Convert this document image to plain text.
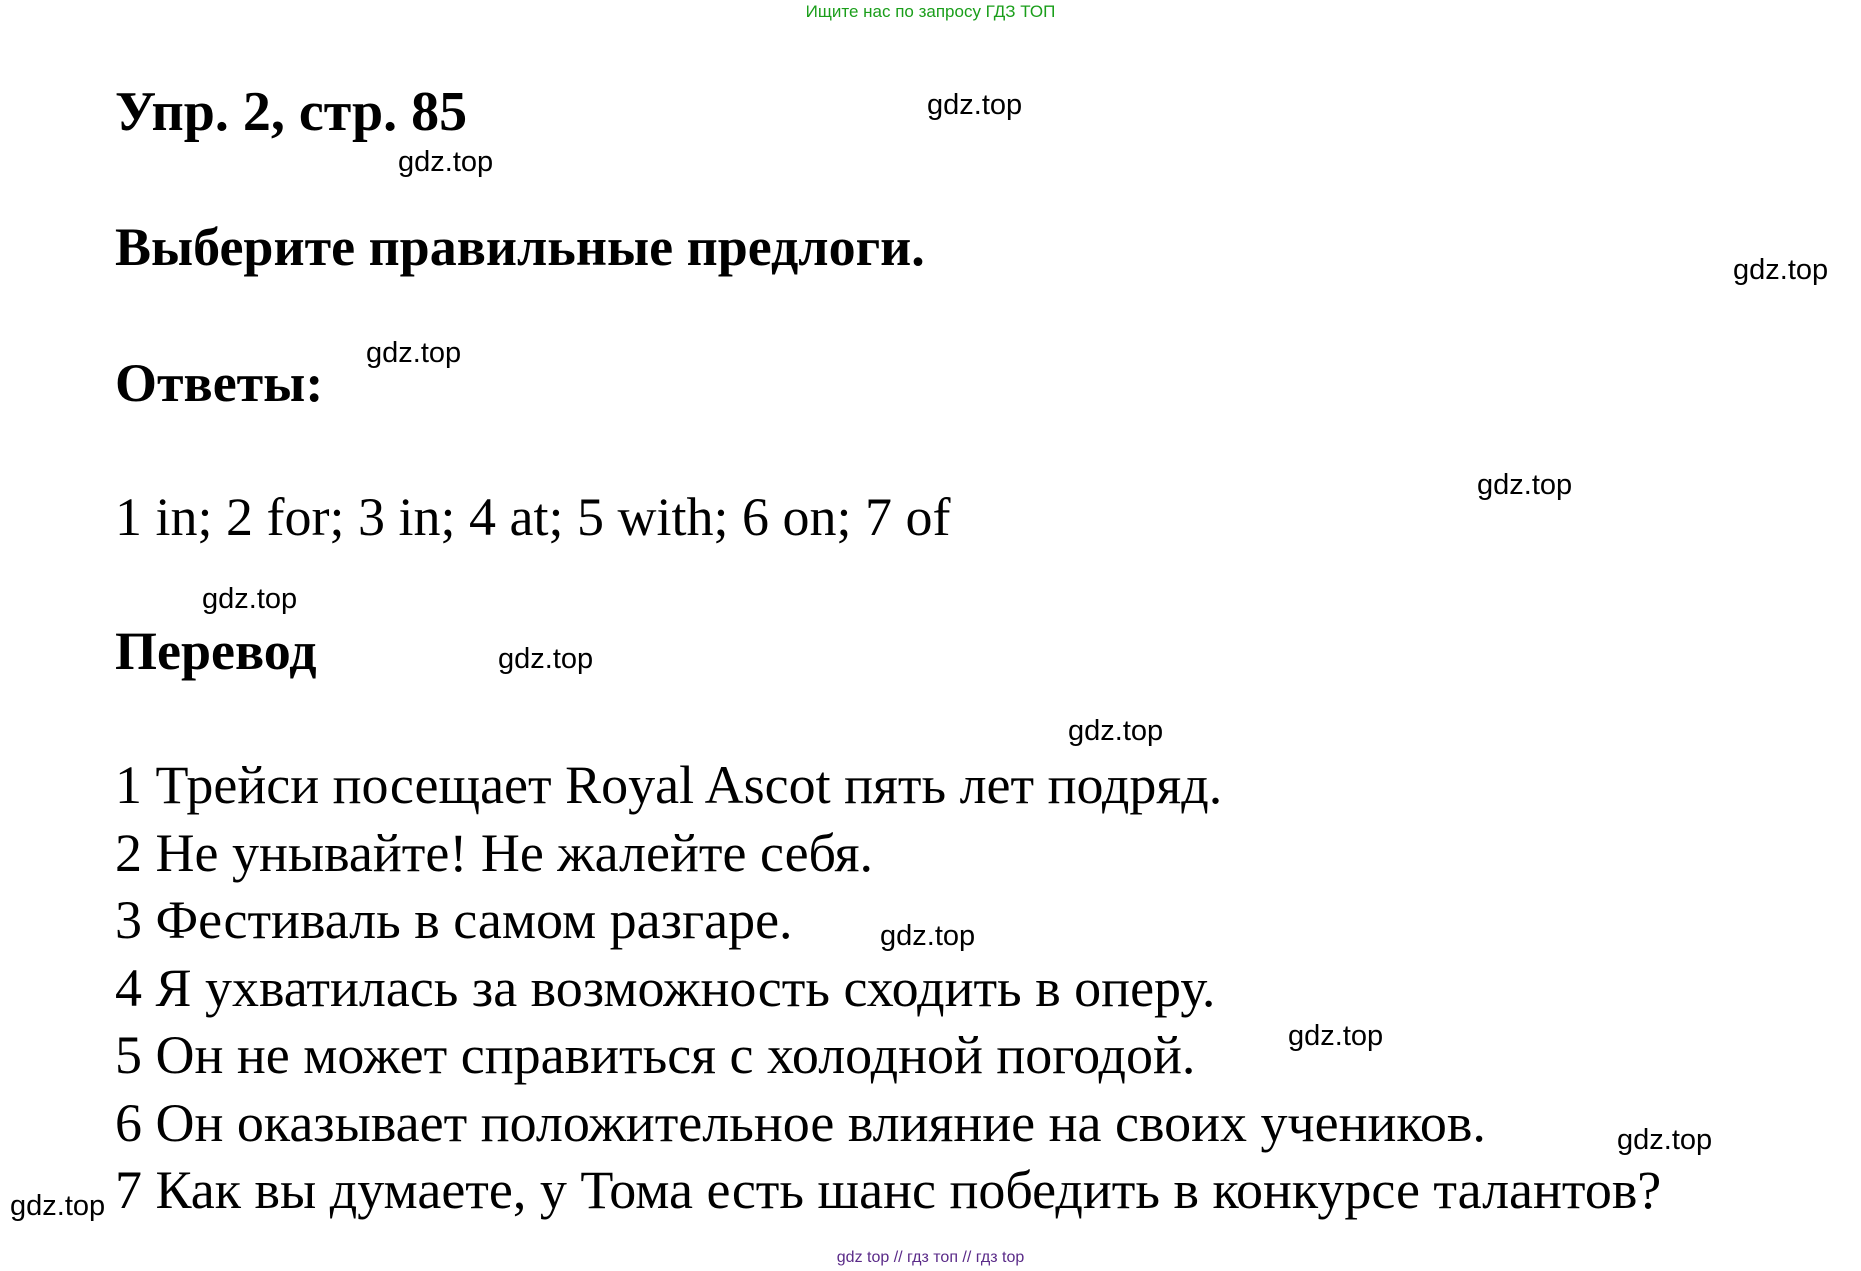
Ищите нас по запросу ГДЗ ТОП
Упр. 2, стр. 85
Выберите правильные предлоги.
Ответы:
1 in; 2 for; 3 in; 4 at; 5 with; 6 on; 7 of
Перевод
1 Трейси посещает Royal Ascot пять лет подряд.
2 Не унывайте! Не жалейте себя.
3 Фестиваль в самом разгаре.
4 Я ухватилась за возможность сходить в оперу.
5 Он не может справиться с холодной погодой.
6 Он оказывает положительное влияние на своих учеников.
7 Как вы думаете, у Тома есть шанс победить в конкурсе талантов?
gdz.top
gdz.top
gdz.top
gdz.top
gdz.top
gdz.top
gdz.top
gdz.top
gdz.top
gdz.top
gdz.top
gdz.top
gdz top // гдз топ // гдз top
